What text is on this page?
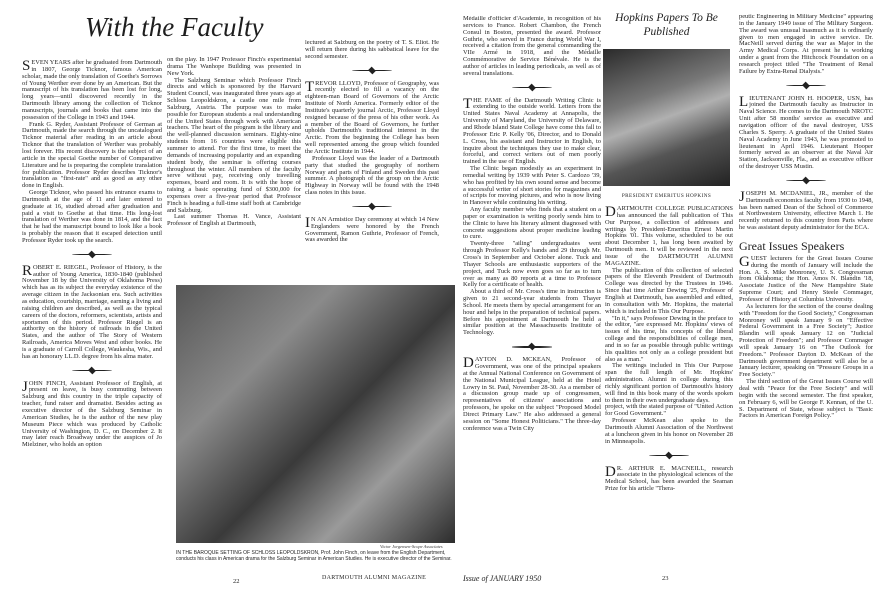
With the Faculty	Hopkins Papers To Be Published

SEVEN YEARS after he graduated from Dartmouth in 1807, George Ticknor, famous American scholar, made the only translation of Goethe's Sorrows of Young Werther ever done by an American. But the manuscript of his translation has been lost for long, long years—until discovered recently in the Dartmouth library among the collection of Ticknor manuscripts, journals and books that came into the possession of the College in 1943 and 1944.

Frank G. Ryder, Assistant Professor of German at Dartmouth, made the search through the uncatalogued Ticknor material after reading in an article about Ticknor that the translation of Werther was probably lost forever. His recent discovery is the subject of an article in the special Goethe number of Comparative Literature and he is preparing the complete translation for publication. Professor Ryder describes Ticknor's translation as "first-rate" and as good as any other done in English.

George Ticknor, who passed his entrance exams to Dartmouth at the age of 11 and later entered to graduate at 16, studied abroad after graduation and paid a visit to Goethe at that time. His long-lost translation of Werther was done in 1814, and the fact that he had the manuscript bound to look like a book is probably the reason that it escaped detection until Professor Ryder took up the search.

ROBERT E. RIEGEL, Professor of History, is the author of Young America, 1830-1840 (published November 18 by the University of Oklahoma Press) which has as its subject the everyday existence of the average citizen in the Jacksonian era. Such activities as education, courtship, marriage, earning a living and raising children are described, as well as the typical careers of the doctors, reformers, scientists, artists and sportsmen of this period. Professor Riegel is an authority on the history of railroads in the United States, and the author of The Story of Western Railroads, America Moves West and other books. He is a graduate of Carroll College, Waukesha, Wis., and has an honorary LL.D. degree from his alma mater.

JOHN FINCH, Assistant Professor of English, at present on leave, is busy commuting between Salzburg and this country in the triple capacity of teacher, fund raiser and dramatist. Besides acting as executive director of the Salzburg Seminar in American Studies, he is the author of the new play Museum Piece which was produced by Catholic University of Washington, D. C., on December 2. It may later reach Broadway under the auspices of Jo Mielziner, who holds an option

on the play. In 1947 Professor Finch's experimental drama The Wanhope Building was presented in New York.

The Salzburg Seminar which Professor Finch directs and which is sponsored by the Harvard Student Council, was inaugurated three years ago at Schloss Leopoldskron, a castle one mile from Salzburg, Austria. The purpose was to make possible for European students a real understanding of the United States through work with American teachers. The heart of the program is the library and the well-planned discussion seminars. Eighty-nine students from 16 countries were eligible this summer to attend. For the first time, to meet the demands of increasing popularity and an expanding student body, the seminar is offering courses throughout the winter. All members of the faculty serve without pay, receiving only travelling expenses, board and room. It is with the hope of raising a basic operating fund of $300,000 for expenses over a five-year period that Professor Finch is heading a full-time staff both at Cambridge and Salzburg.

Last summer Thomas H. Vance, Assistant Professor of English at Dartmouth,

lectured at Salzburg on the poetry of T. S. Eliot. He will return there during his sabbatical leave for the second semester.

TREVOR LLOYD, Professor of Geography, was recently elected to fill a vacancy on the eighteen-man Board of Governors of the Arctic Institute of North America. Formerly editor of the Institute's quarterly journal Arctic, Professor Lloyd resigned because of the press of his other work. As a member of the Board of Governors, he further upholds Dartmouth's traditional interest in the Arctic. From the beginning the College has been well represented among the group which founded the Arctic Institute in 1944.

Professor Lloyd was the leader of a Dartmouth party that studied the geography of northern Norway and parts of Finland and Sweden this past summer. A photograph of the group on the Arctic Highway in Norway will be found with the 1948 class notes in this issue.

IN AN Armistice Day ceremony at which 14 New Englanders were honored by the French Government, Ramon Guthrie, Professor of French, was awarded the

Médaille d'officier d'Academie, in recognition of his services to France. Robert Chambon, the French Consul in Boston, presented the award. Professor Guthrie, who served in France during World War I, received a citation from the general commanding the VIIe Armé in 1918, and the Médaille Commémorative de Service Bénévale. He is the author of articles in leading periodicals, as well as of several translations.

THE FAME of the Dartmouth Writing Clinic is extending to the outside world. Letters from the United States Naval Academy at Annapolis, the University of Maryland, the University of Delaware, and Rhode Island State College have come this fall to Professor Eric P. Kelly '06, Director, and to Donald L. Cross, his assistant and Instructor in English, to inquire about the techniques they use to make clear, forceful, and correct writers out of men poorly trained in the use of English.

The Clinic began modestly as an experiment in remedial writing by 1939 with Peter S. Cardozo '39, who has profited by his own sound sense and become a successful writer of short stories for magazines and of scripts for moving pictures, and who is now living in Hanover while continuing his writing.

Any faculty member who finds that a student on a paper or examination is writing poorly sends him to the Clinic to have his literary ailment diagnosed with concrete suggestions about proper medicine leading to cure.

Twenty-three "ailing" undergraduates went through Professor Kelly's hands and 29 through Mr. Cross's in September and October alone. Tuck and Thayer Schools are enthusiastic supporters of the project, and Tuck now even goes so far as to turn over as many as 80 reports at a time to Professor Kelly for a certificate of health.

About a third of Mr. Cross's time in instruction is given to 21 second-year students from Thayer School. He meets them by special arrangement for an hour and helps in the preparation of technical papers. Before his appointment at Dartmouth he held a similar position at the Massachusetts Institute of Technology.

DAYTON D. MCKEAN, Professor of Government, was one of the principal speakers at the Annual National Conference on Government of the National Municipal League, held at the Hotel Lowry in St. Paul, November 28-30. As a member of a discussion group made up of congressmen, representatives of citizens' associations and professors, he spoke on the subject "Proposed Model Direct Primary Law." He also addressed a general session on "Some Honest Politicians." The three-day conference was a Twin City

DARTMOUTH COLLEGE PUBLICATIONS has announced the fall publication of This Our Purpose, a collection of addresses and writings by President-Emeritus Ernest Martin Hopkins '01. This volume, scheduled to be out about December 1, has long been awaited by Dartmouth men. It will be reviewed in the next issue of the DARTMOUTH ALUMNI MAGAZINE.

The publication of this collection of selected papers of the Eleventh President of Dartmouth College was directed by the Trustees in 1946. Since that time Arthur Dewing '25, Professor of English at Dartmouth, has assembled and edited, in consultation with Mr. Hopkins, the material which is included in This Our Purpose.

"In it," says Professor Dewing in the preface to the editor, "are expressed Mr. Hopkins' views of issues of his time, his concepts of the liberal college and the responsibilities of college men, and in so far as possible through public writings his qualities not only as a college president but also as a man."

The writings included in This Our Purpose span the full length of Mr. Hopkins' administration. Alumni in college during this richly significant portion of Dartmouth's history will find in this book many of the words spoken to them in their own undergraduate days.

project, with the stated purpose of "United Action for Good Government."

Professor McKean also spoke to the Dartmouth Alumni Association of the Northwest at a luncheon given in his honor on November 28 in Minneapolis.

DR. ARTHUR E. MACNEILL, research associate in the physiological sciences of the Medical School, has been awarded the Seaman Prize for his article "Thera-

peutic Engineering in Military Medicine" appearing in the January 1949 issue of The Military Surgeon. The award was unusual inasmuch as it is ordinarily given to men engaged in active service. Dr. MacNeill served during the war as Major in the Army Medical Corps. At present he is working under a grant from the Hitchcock Foundation on a research project titled "The Treatment of Renal Failure by Extra-Renal Dialysis."

LIEUTENANT JOHN H. HOOPER, USN, has joined the Dartmouth faculty as Instructor in Naval Science. He comes to the Dartmouth NROTC Unit after 58 months' service as executive and navigation officer of the naval destroyer, USS Charles S. Sperry. A graduate of the United States Naval Academy in June 1943, he was promoted to lieutenant in April 1946. Lieutenant Hooper formerly served as an observer at the Naval Air Station, Jacksonville, Fla., and as executive officer of the destroyer USS Mustin.

JOSEPH M. MCDANIEL, JR., member of the Dartmouth economics faculty from 1930 to 1948, has been named Dean of the School of Commerce at Northwestern University, effective March 1. He recently returned to this country from Paris where he was assistant deputy administrator for the ECA.

Great Issues Speakers

GUEST lecturers for the Great Issues Course during the month of January will include the Hon. A. S. Mike Monroney, U. S. Congressman from Oklahoma; the Hon. Amos N. Blandin '18, Associate Justice of the New Hampshire State Supreme Court; and Henry Steele Commager, Professor of History at Columbia University.

As lecturers for the section of the course dealing with "Freedom for the Good Society," Congressman Monroney will speak January 9 on "Effective Federal Government in a Free Society"; Justice Blandin will speak January 12 on "Judicial Protection of Freedom"; and Professor Commager will speak January 16 on "The Outlook for Freedom." Professor Dayton D. McKean of the Dartmouth government department will also be a January lecturer, speaking on "Pressure Groups in a Free Society."

The third section of the Great Issues Course will deal with "Peace for the Free Society" and will begin with the second semester. The first speaker, on February 6, will be George F. Kennan, of the U. S. Department of State, whose subject is "Basic Factors in American Foreign Policy."

Victor Jorgensen-Scope Associates
IN THE BAROQUE SETTING OF SCHLOSS LEOPOLDSKRON, Prof. John Finch, on leave from the English Department, conducts his class in American drama for the Salzburg Seminar in American Studies. He is executive director of the Seminar.
PRESIDENT EMERITUS HOPKINS
22	DARTMOUTH ALUMNI MAGAZINE	Issue of JANUARY 1950	23
